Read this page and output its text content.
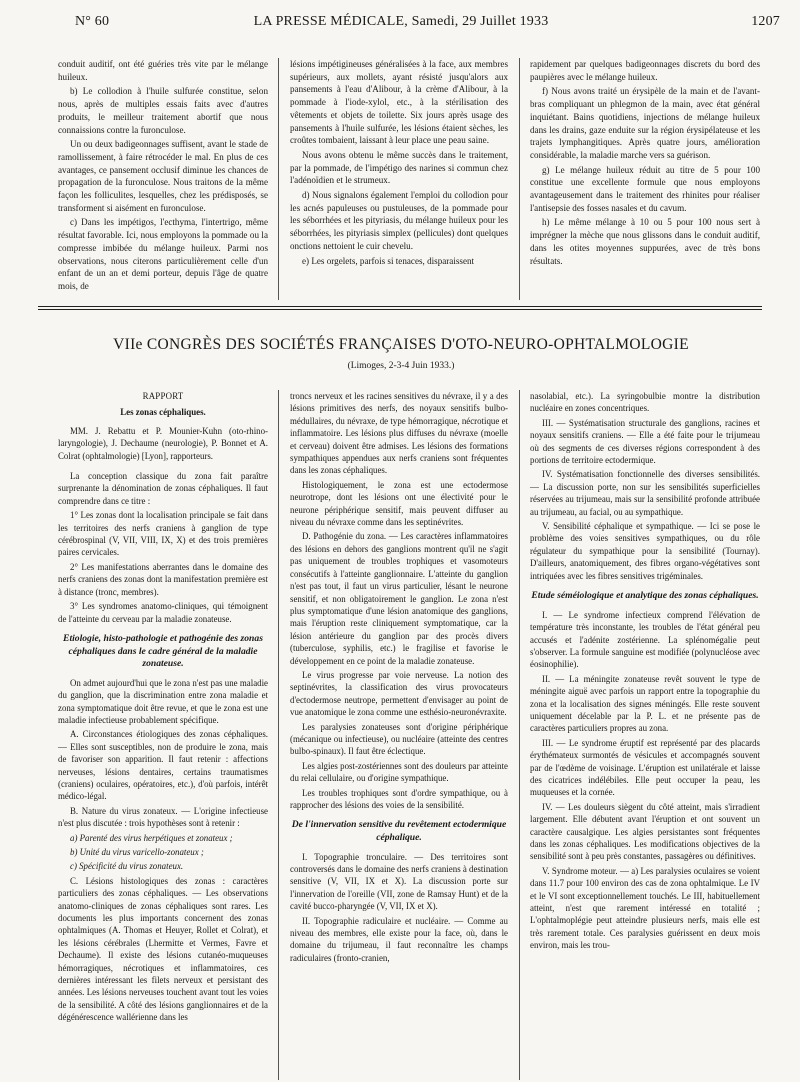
N° 60	LA PRESSE MÉDICALE, Samedi, 29 Juillet 1933	1207

conduit auditif, ont été guéries très vite par le mélange huileux.

b) Le collodion à l'huile sulfurée constitue, selon nous, après de multiples essais faits avec d'autres produits, le meilleur traitement abortif que nous connaissions contre la furonculose.

Un ou deux badigeonnages suffisent, avant le stade de ramollissement, à faire rétrocéder le mal. En plus de ces avantages, ce pansement occlusif diminue les chances de propagation de la furonculose. Nous traitons de la même façon les folliculites, lesquelles, chez les prédisposés, se transforment si aisément en furonculose.

c) Dans les impétigos, l'ecthyma, l'intertrigo, même résultat favorable. Ici, nous employons la pommade ou la compresse imbibée du mélange huileux. Parmi nos observations, nous citerons particulièrement celle d'un enfant de un an et demi porteur, depuis l'âge de quatre mois, de

lésions impétigineuses généralisées à la face, aux membres supérieurs, aux mollets, ayant résisté jusqu'alors aux pansements à l'eau d'Alibour, à la crème d'Alibour, à la pommade à l'iode-xylol, etc., à la stérilisation des vêtements et objets de toilette. Six jours après usage des pansements à l'huile sulfurée, les lésions étaient sèches, les croûtes tombaient, laissant à leur place une peau saine.

Nous avons obtenu le même succès dans le traitement, par la pommade, de l'impétigo des narines si commun chez l'adénoïdien et le strumeux.

d) Nous signalons également l'emploi du collodion pour les acnés papuleuses ou pustuleuses, de la pommade pour les séborrhées et les pityriasis, du mélange huileux pour les séborrhées, les pityriasis simplex (pellicules) dont quelques onctions nettoient le cuir chevelu.

e) Les orgelets, parfois si tenaces, disparaissent

rapidement par quelques badigeonnages discrets du bord des paupières avec le mélange huileux.

f) Nous avons traité un érysipèle de la main et de l'avant-bras compliquant un phlegmon de la main, avec état général inquiétant. Bains quotidiens, injections de mélange huileux dans les drains, gaze enduite sur la région érysipélateuse et les trajets lymphangitiques. Après quatre jours, amélioration considérable, la maladie marche vers sa guérison.

g) Le mélange huileux réduit au titre de 5 pour 100 constitue une excellente formule que nous employons avantageusement dans le traitement des rhinites pour réaliser l'antisepsie des fosses nasales et du cavum.

h) Le même mélange à 10 ou 5 pour 100 nous sert à imprégner la mèche que nous glissons dans le conduit auditif, dans les otites moyennes suppurées, avec de très bons résultats.

VIIe CONGRÈS DES SOCIÉTÉS FRANÇAISES D'OTO-NEURO-OPHTALMOLOGIE
(Limoges, 2-3-4 Juin 1933.)

RAPPORT

Les zonas céphaliques.

MM. J. Rebattu et P. Mounier-Kuhn (oto-rhino-laryngologie), J. Dechaume (neurologie), P. Bonnet et A. Colrat (ophtalmologie) [Lyon], rapporteurs.

La conception classique du zona fait paraître surprenante la dénomination de zonas céphaliques. Il faut comprendre dans ce titre :

1° Les zonas dont la localisation principale se fait dans les territoires des nerfs craniens à ganglion de type cérébrospinal (V, VII, VIII, IX, X) et des trois premières paires cervicales.

2° Les manifestations aberrantes dans le domaine des nerfs craniens des zonas dont la manifestation première est à distance (tronc, membres).

3° Les syndromes anatomo-cliniques, qui témoignent de l'atteinte du cerveau par la maladie zonateuse.

Etiologie, histo-pathologie et pathogénie des zonas céphaliques dans le cadre général de la maladie zonateuse.

On admet aujourd'hui que le zona n'est pas une maladie du ganglion, que la discrimination entre zona maladie et zona symptomatique doit être revue, et que le zona est une maladie infectieuse probablement spécifique.

A. Circonstances étiologiques des zonas céphaliques. — Elles sont susceptibles, non de produire le zona, mais de favoriser son apparition. Il faut retenir : affections nerveuses, lésions dentaires, certains traumatismes (craniens) oculaires, opératoires, etc.), d'où parfois, intérêt médico-légal.

B. Nature du virus zonateux. — L'origine infectieuse n'est plus discutée : trois hypothèses sont à retenir :

a) Parenté des virus herpétiques et zonateux ;

b) Unité du virus varicello-zonateux ;

c) Spécificité du virus zonateux.

C. Lésions histologiques des zonas : caractères particuliers des zonas céphaliques. — Les observations anatomo-cliniques de zonas céphaliques sont rares. Les documents les plus importants concernent des zonas ophtalmiques (A. Thomas et Heuyer, Rollet et Colrat), et les lésions cérébrales (Lhermitte et Vermes, Favre et Dechaume). Il existe des lésions cutanéo-muqueuses hémorragiques, nécrotiques et inflammatoires, ces dernières intéressant les filets nerveux et persistant des années. Les lésions nerveuses touchent avant tout les voies de la sensibilité. A côté des lésions ganglionnaires et de la dégénérescence wallérienne dans les

troncs nerveux et les racines sensitives du névraxe, il y a des lésions primitives des nerfs, des noyaux sensitifs bulbo-médullaires, du névraxe, de type hémorragique, nécrotique et inflammatoire. Les lésions plus diffuses du névraxe (moelle et cerveau) doivent être admises. Les lésions des formations sympathiques appendues aux nerfs craniens sont fréquentes dans les zonas céphaliques.

Histologiquement, le zona est une ectodermose neurotrope, dont les lésions ont une électivité pour le neurone périphérique sensitif, mais peuvent diffuser au niveau du névraxe comme dans les septinévrites.

D. Pathogénie du zona. — Les caractères inflammatoires des lésions en dehors des ganglions montrent qu'il ne s'agit pas uniquement de troubles trophiques et vasomoteurs consécutifs à l'atteinte ganglionnaire. L'atteinte du ganglion n'est pas tout, il faut un virus particulier, lésant le neurone sensitif, et non obligatoirement le ganglion. Le zona n'est plus symptomatique d'une lésion anatomique des ganglions, mais l'éruption reste cliniquement symptomatique, car la lésion antérieure du ganglion par des procès divers (tuberculose, syphilis, etc.) le fragilise et favorise le développement en ce point de la maladie zonateuse.

Le virus progresse par voie nerveuse. La notion des septinévrites, la classification des virus provocateurs d'ectodermose neutrope, permettent d'envisager au point de vue anatomique le zona comme une esthésio-neuronévraxite.

Les paralysies zonateuses sont d'origine périphérique (mécanique ou infectieuse), ou nucléaire (atteinte des centres bulbo-spinaux). Il faut être éclectique.

Les algies post-zostériennes sont des douleurs par atteinte du relai cellulaire, ou d'origine sympathique.

Les troubles trophiques sont d'ordre sympathique, ou à rapprocher des lésions des voies de la sensibilité.

De l'innervation sensitive du revêtement ectodermique céphalique.

I. Topographie tronculaire. — Des territoires sont controversés dans le domaine des nerfs craniens à destination sensitive (V, VII, IX et X). La discussion porte sur l'innervation de l'oreille (VII, zone de Ramsay Hunt) et de la cavité bucco-pharyngée (V, VII, IX et X).

II. Topographie radiculaire et nucléaire. — Comme au niveau des membres, elle existe pour la face, où, dans le domaine du trijumeau, il faut reconnaître les champs radiculaires (fronto-cranien,

nasolabial, etc.). La syringobulbie montre la distribution nucléaire en zones concentriques.

III. — Systématisation structurale des ganglions, racines et noyaux sensitifs craniens. — Elle a été faite pour le trijumeau où des segments de ces diverses régions correspondent à des portions de territoire ectodermique.

IV. Systématisation fonctionnelle des diverses sensibilités. — La discussion porte, non sur les sensibilités superficielles réservées au trijumeau, mais sur la sensibilité profonde attribuée au trijumeau, au facial, ou au sympathique.

V. Sensibilité céphalique et sympathique. — Ici se pose le problème des voies sensitives sympathiques, ou du rôle régulateur du sympathique pour la sensibilité (Tournay). D'ailleurs, anatomiquement, des fibres organo-végétatives sont intriquées avec les fibres sensitives trigéminales.

Etude séméiologique et analytique des zonas céphaliques.

I. — Le syndrome infectieux comprend l'élévation de température très inconstante, les troubles de l'état général peu accusés et l'adénite zostérienne. La splénomégalie peut s'observer. La formule sanguine est modifiée (polynucléose avec éosinophilie).

II. — La méningite zonateuse revêt souvent le type de méningite aiguë avec parfois un rapport entre la topographie du zona et la localisation des signes méningés. Elle reste souvent uniquement décelable par la P. L. et ne présente pas de caractères particuliers propres au zona.

III. — Le syndrome éruptif est représenté par des placards érythémateux surmontés de vésicules et accompagnés souvent par de l'œdème de voisinage. L'éruption est unilatérale et laisse des cicatrices indélébiles. Elle peut occuper la peau, les muqueuses et la cornée.

IV. — Les douleurs siègent du côté atteint, mais s'irradient largement. Elle débutent avant l'éruption et ont souvent un caractère causalgique. Les algies persistantes sont fréquentes dans les zonas céphaliques. Les modifications objectives de la sensibilité sont à peu près constantes, passagères ou définitives.

V. Syndrome moteur. — a) Les paralysies oculaires se voient dans 11.7 pour 100 environ des cas de zona ophtalmique. Le IV et le VI sont exceptionnellement touchés. Le III, habituellement atteint, n'est que rarement intéressé en totalité ; L'ophtalmoplégie peut atteindre plusieurs nerfs, mais elle est très rarement totale. Ces paralysies guérissent en deux mois environ, mais les trou-
